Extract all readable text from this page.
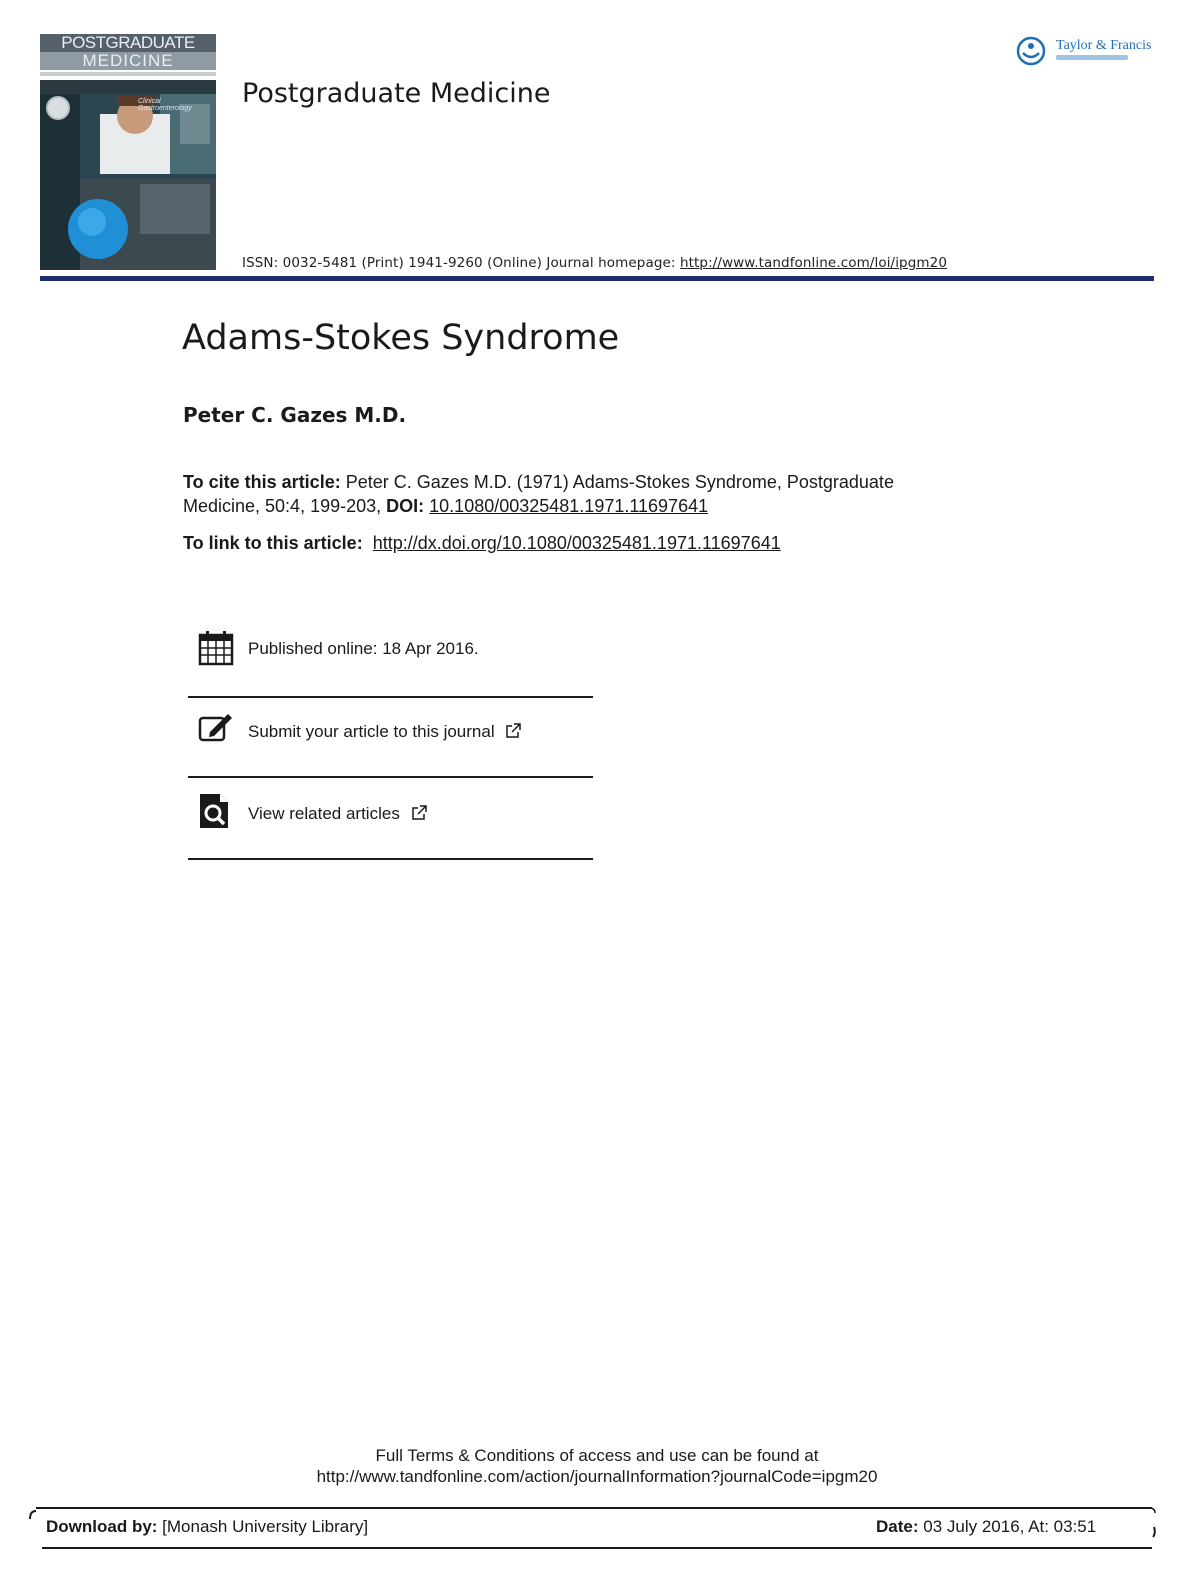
POSTGRADUATE
MEDICINE
Clinical Gastroenterology	Postgraduate Medicine
ISSN: 0032-5481 (Print) 1941-9260 (Online) Journal homepage: http://www.tandfonline.com/loi/ipgm20
Taylor & Francis
Adams-Stokes Syndrome
Peter C. Gazes M.D.
To cite this article: Peter C. Gazes M.D. (1971) Adams-Stokes Syndrome, Postgraduate Medicine, 50:4, 199-203, DOI: 10.1080/00325481.1971.11697641
To link to this article: http://dx.doi.org/10.1080/00325481.1971.11697641
Published online: 18 Apr 2016.
Submit your article to this journal
View related articles
Full Terms & Conditions of access and use can be found at
http://www.tandfonline.com/action/journalInformation?journalCode=ipgm20
Download by: [Monash University Library]	Date: 03 July 2016, At: 03:51
